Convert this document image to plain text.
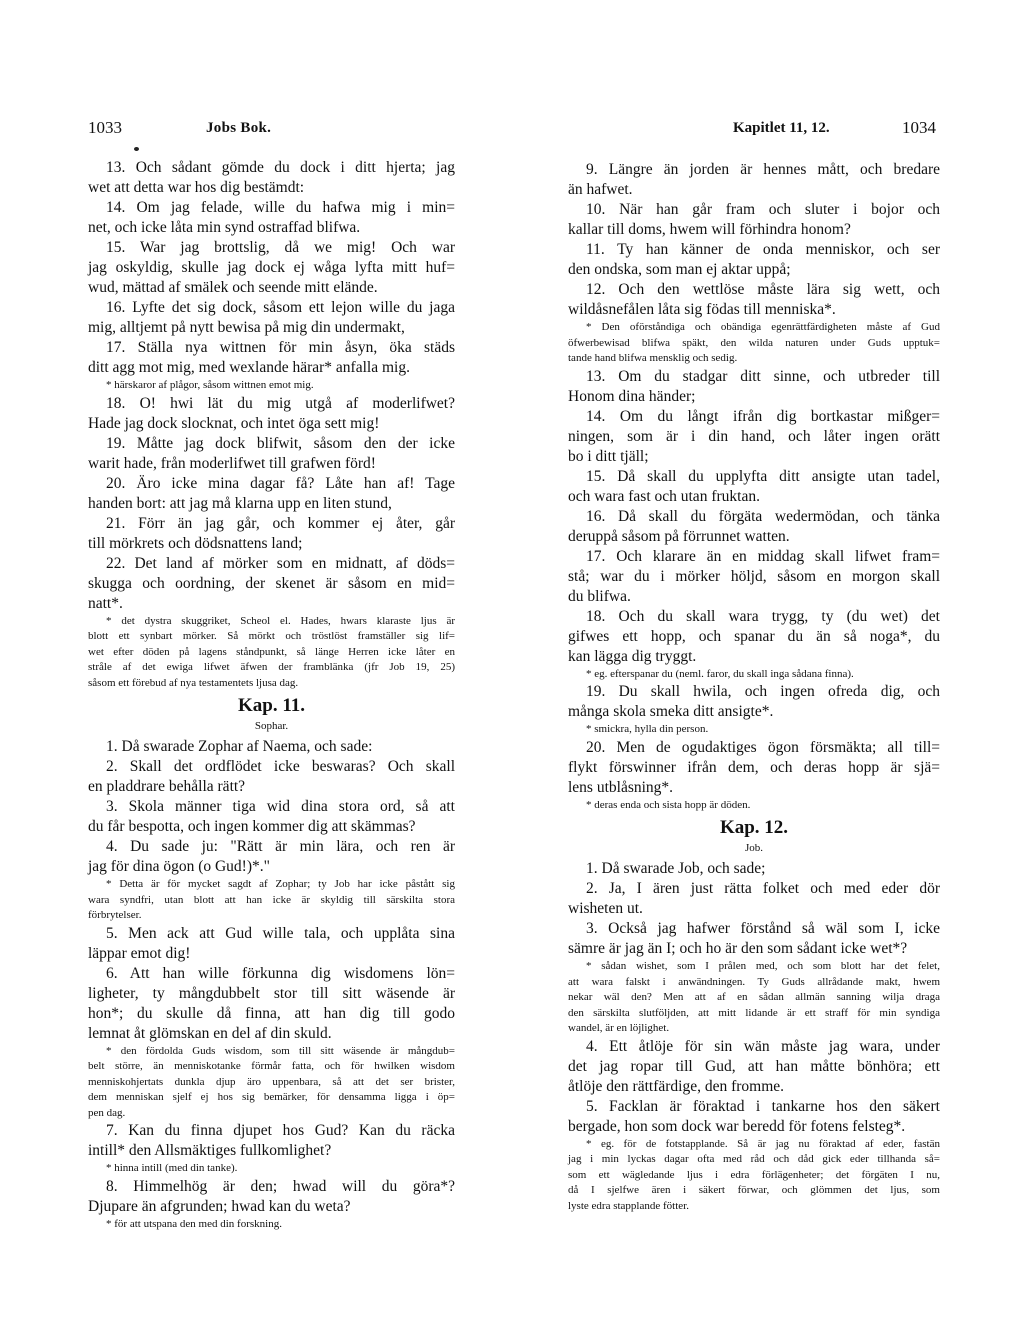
1033	Jobs Bok.	Kapitlet 11, 12.	1034
13. Och sådant gömde du dock i ditt hjerta; jag
wet att detta war hos dig bestämdt:
14. Om jag felade, wille du hafwa mig i min=
net, och icke låta min synd ostraffad blifwa.
15. War jag brottslig, då we mig! Och war
jag oskyldig, skulle jag dock ej wåga lyfta mitt huf=
wud, mättad af smälek och seende mitt elände.
16. Lyfte det sig dock, såsom ett lejon wille du jaga
mig, alltjemt på nytt bewisa på mig din undermakt,
17. Ställa nya wittnen för min åsyn, öka städs
ditt agg mot mig, med wexlande härar* anfalla mig.
* härskaror af plågor, såsom wittnen emot mig.
18. O! hwi lät du mig utgå af moderlifwet?
Hade jag dock slocknat, och intet öga sett mig!
19. Måtte jag dock blifwit, såsom den der icke
warit hade, från moderlifwet till grafwen förd!
20. Äro icke mina dagar få? Låte han af! Tage
handen bort: att jag må klarna upp en liten stund,
21. Förr än jag går, och kommer ej åter, går
till mörkrets och dödsnattens land;
22. Det land af mörker som en midnatt, af döds=
skugga och oordning, der skenet är såsom en mid=
natt*.
* det dystra skuggriket, Scheol el. Hades, hwars klaraste ljus är
blott ett synbart mörker. Så mörkt och tröstlöst framställer sig lif=
wet efter döden på lagens ståndpunkt, så länge Herren icke låter en
stråle af det ewiga lifwet äfwen der framblänka (jfr Job 19, 25)
såsom ett förebud af nya testamentets ljusa dag.
Kap. 11.
Sophar.
1. Då swarade Zophar af Naema, och sade:
2. Skall det ordflödet icke beswaras? Och skall
en pladdrare behålla rätt?
3. Skola männer tiga wid dina stora ord, så att
du får bespotta, och ingen kommer dig att skämmas?
4. Du sade ju: "Rätt är min lära, och ren är
jag för dina ögon (o Gud!)*."
* Detta är för mycket sagdt af Zophar; ty Job har icke påstått sig
wara syndfri, utan blott att han icke är skyldig till särskilta stora
förbrytelser.
5. Men ack att Gud wille tala, och upplåta sina
läppar emot dig!
6. Att han wille förkunna dig wisdomens lön=
ligheter, ty mångdubbelt stor till sitt wäsende är
hon*; du skulle då finna, att han dig till godo
lemnat åt glömskan en del af din skuld.
* den fördolda Guds wisdom, som till sitt wäsende är mångdub=
belt större, än menniskotanke förmår fatta, och för hwilken wisdom
menniskohjertats dunkla djup äro uppenbara, så att det ser brister,
dem menniskan sjelf ej hos sig bemärker, för densamma ligga i öp=
pen dag.
7. Kan du finna djupet hos Gud? Kan du räcka
intill* den Allsmäktiges fullkomlighet?
* hinna intill (med din tanke).
8. Himmelhög är den; hwad will du göra*?
Djupare än afgrunden; hwad kan du weta?
* för att utspana den med din forskning.
9. Längre än jorden är hennes mått, och bredare
än hafwet.
10. När han går fram och sluter i bojor och
kallar till doms, hwem will förhindra honom?
11. Ty han känner de onda menniskor, och ser
den ondska, som man ej aktar uppå;
12. Och den wettlöse måste lära sig wett, och
wildåsnefålen låta sig födas till menniska*.
* Den oförståndiga och obändiga egenrättfärdigheten måste af Gud
öfwerbewisad blifwa späkt, den wilda naturen under Guds upptuk=
tande hand blifwa mensklig och sedig.
13. Om du stadgar ditt sinne, och utbreder till
Honom dina händer;
14. Om du långt ifrån dig bortkastar mißger=
ningen, som är i din hand, och låter ingen orätt
bo i ditt tjäll;
15. Då skall du upplyfta ditt ansigte utan tadel,
och wara fast och utan fruktan.
16. Då skall du förgäta wedermödan, och tänka
deruppå såsom på förrunnet watten.
17. Och klarare än en middag skall lifwet fram=
stå; war du i mörker höljd, såsom en morgon skall
du blifwa.
18. Och du skall wara trygg, ty (du wet) det
gifwes ett hopp, och spanar du än så noga*, du
kan lägga dig tryggt.
* eg. efterspanar du (neml. faror, du skall inga sådana finna).
19. Du skall hwila, och ingen ofreda dig, och
många skola smeka ditt ansigte*.
* smickra, hylla din person.
20. Men de ogudaktiges ögon försmäkta; all till=
flykt förswinner ifrån dem, och deras hopp är sjä=
lens utblåsning*.
* deras enda och sista hopp är döden.
Kap. 12.
Job.
1. Då swarade Job, och sade;
2. Ja, I ären just rätta folket och med eder dör
wisheten ut.
3. Också jag hafwer förstånd så wäl som I, icke
sämre är jag än I; och ho är den som sådant icke wet*?
* sådan wishet, som I prålen med, och som blott har det felet,
att wara falskt i anwändningen. Ty Guds allrådande makt, hwem
nekar wäl den? Men att af en sådan allmän sanning wilja draga
den särskilta slutföljden, att mitt lidande är ett straff för min syndiga
wandel, är en löjlighet.
4. Ett åtlöje för sin wän måste jag wara, under
det jag ropar till Gud, att han måtte bönhöra; ett
åtlöje den rättfärdige, den fromme.
5. Facklan är föraktad i tankarne hos den säkert
bergade, hon som dock war beredd för fotens felsteg*.
* eg. för de fotstapplande. Så är jag nu föraktad af eder, fastän
jag i min lyckas dagar ofta med råd och dåd gick eder tillhanda så=
som ett wägledande ljus i edra förlägenheter; det förgäten I nu,
då I sjelfwe ären i säkert förwar, och glömmen det ljus, som
lyste edra stapplande fötter.
